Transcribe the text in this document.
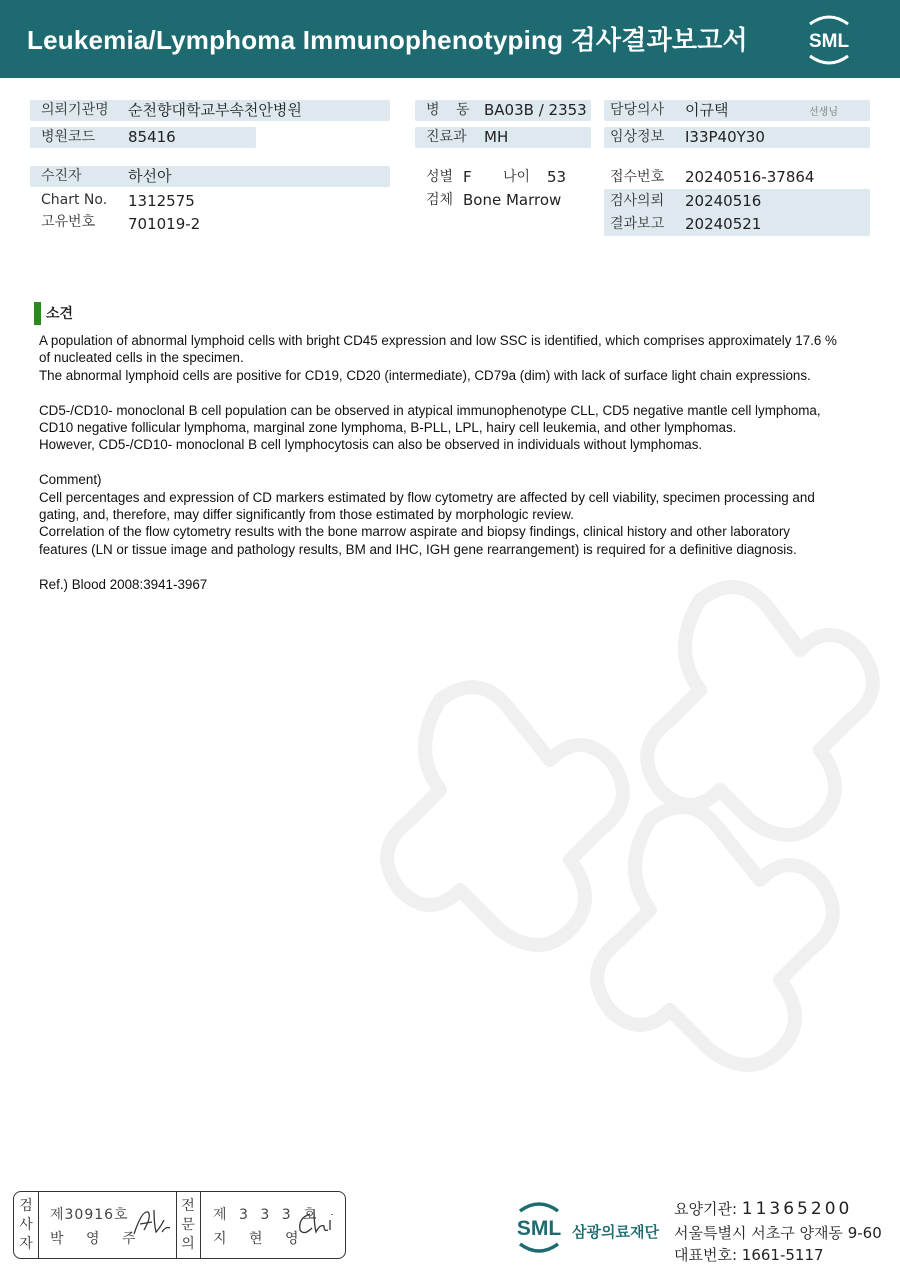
Leukemia/Lymphoma Immunophenotyping 검사결과보고서	SML
의뢰기관명 순천향대학교부속천안병원
병원코드 85416
병 동 BA03B / 2353
진료과 MH
담당의사 이규택	선생님
임상정보 I33P40Y30
수진자	하선아
Chart No. 1312575
고유번호 701019-2
성별 F 나이 53
검체 Bone Marrow
접수번호 20240516-37864
검사의뢰 20240516
결과보고 20240521
소견

A population of abnormal lymphoid cells with bright CD45 expression and low SSC is identified, which comprises approximately 17.6 % of nucleated cells in the specimen.

The abnormal lymphoid cells are positive for CD19, CD20 (intermediate), CD79a (dim) with lack of surface light chain expressions.

CD5-/CD10- monoclonal B cell population can be observed in atypical immunophenotype CLL, CD5 negative mantle cell lymphoma, CD10 negative follicular lymphoma, marginal zone lymphoma, B-PLL, LPL, hairy cell leukemia, and other lymphomas.

However, CD5-/CD10- monoclonal B cell lymphocytosis can also be observed in individuals without lymphomas.

Comment)

Cell percentages and expression of CD markers estimated by flow cytometry are affected by cell viability, specimen processing and gating, and, therefore, may differ significantly from those estimated by morphologic review.

Correlation of the flow cytometry results with the bone marrow aspirate and biopsy findings, clinical history and other laboratory features (LN or tissue image and pathology results, BM and IHC, IGH gene rearrangement) is required for a definitive diagnosis.

Ref.) Blood 2008:3941-3967

검
사
자
제30916호
박 영 주
전
문
의
제 3 3 3 호
지 현 영	SML 삼광의료재단
요양기관: 11365200
서울특별시 서초구 양재동 9-60
대표번호: 1661-5117
